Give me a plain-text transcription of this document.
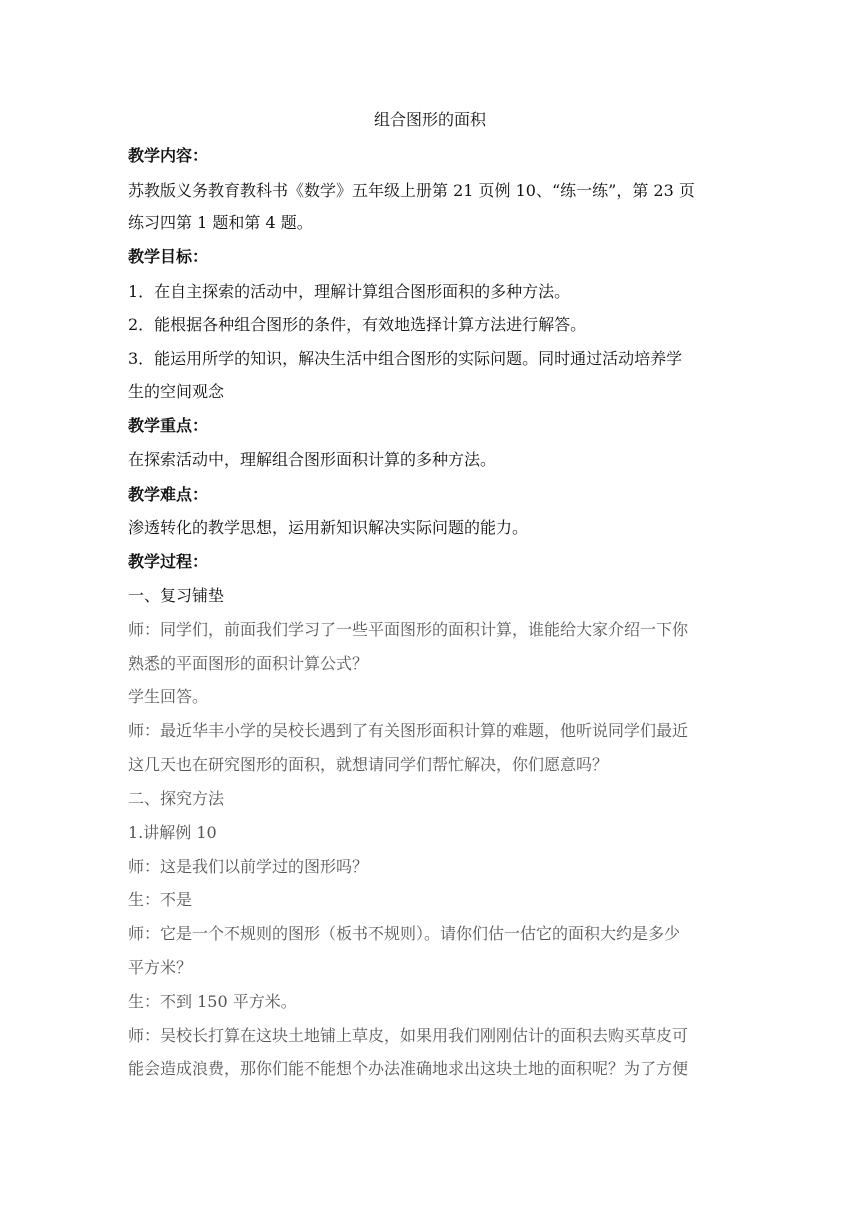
组合图形的面积
教学内容：
苏教版义务教育教科书《数学》五年级上册第 21 页例 10、“练一练”，第 23 页
练习四第 1 题和第 4 题。
教学目标：
1．在自主探索的活动中，理解计算组合图形面积的多种方法。
2．能根据各种组合图形的条件，有效地选择计算方法进行解答。
3．能运用所学的知识，解决生活中组合图形的实际问题。同时通过活动培养学
生的空间观念
教学重点：
在探索活动中，理解组合图形面积计算的多种方法。
教学难点：
渗透转化的教学思想，运用新知识解决实际问题的能力。
教学过程：
一、复习铺垫
师：同学们，前面我们学习了一些平面图形的面积计算，谁能给大家介绍一下你
熟悉的平面图形的面积计算公式？
学生回答。
师：最近华丰小学的吴校长遇到了有关图形面积计算的难题，他听说同学们最近
这几天也在研究图形的面积，就想请同学们帮忙解决，你们愿意吗？
二、探究方法
1.讲解例 10
师：这是我们以前学过的图形吗？
生：不是
师：它是一个不规则的图形（板书不规则）。请你们估一估它的面积大约是多少
平方米？
生：不到 150 平方米。
师：吴校长打算在这块土地铺上草皮，如果用我们刚刚估计的面积去购买草皮可
能会造成浪费，那你们能不能想个办法准确地求出这块土地的面积呢？为了方便
